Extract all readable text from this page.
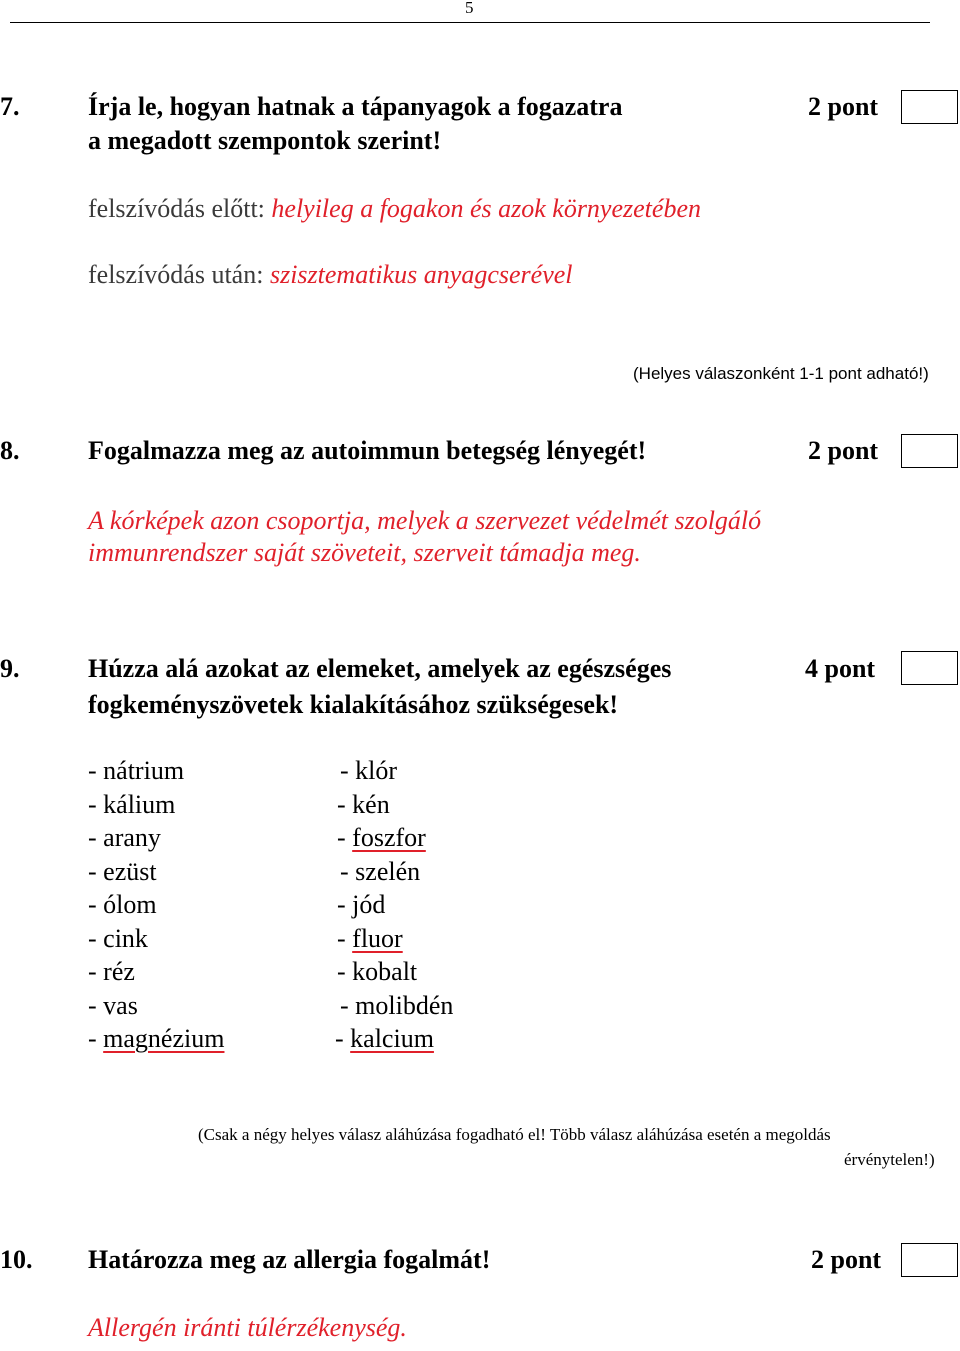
5
7.	Írja le, hogyan hatnak a tápanyagok a fogazatra	2 pont
a megadott szempontok szerint!
felszívódás előtt: helyileg a fogakon és azok környezetében
felszívódás után: szisztematikus anyagcserével
(Helyes válaszonként 1-1 pont adható!)
8.	Fogalmazza meg az autoimmun betegség lényegét!	2 pont
A kórképek azon csoportja, melyek a szervezet védelmét szolgáló
immunrendszer saját szöveteit, szerveit támadja meg.
9.	Húzza alá azokat az elemeket, amelyek az egészséges	4 pont
fogkeményszövetek kialakításához szükségesek!
- nátrium
- kálium
- arany
- ezüst
- ólom
- cink
- réz
- vas
- magnézium
- klór
- kén
- foszfor
- szelén
- jód
- fluor
- kobalt
- molibdén
- kalcium
(Csak a négy helyes válasz aláhúzása fogadható el! Több válasz aláhúzása esetén a megoldás
érvénytelen!)
10. Határozza meg az allergia fogalmát!	2 pont
Allergén iránti túlérzékenység.
